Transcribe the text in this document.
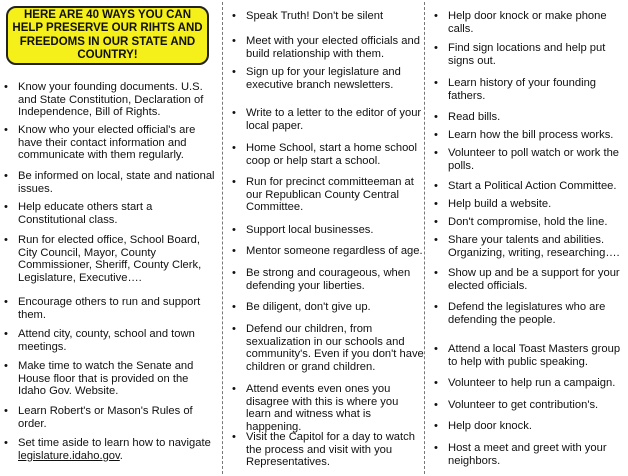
HERE ARE 40 WAYS YOU CAN HELP PRESERVE OUR RIHTS AND FREEDOMS IN OUR STATE AND COUNTRY!
• Know your founding documents. U.S. and State Constitution, Declaration of Independence, Bill of Rights.
• Know who your elected official's are have their contact information and communicate with them regularly.
• Be informed on local, state and national issues.
• Help educate others start a Constitutional class.
• Run for elected office, School Board, City Council, Mayor, County Commissioner, Sheriff, County Clerk, Legislature, Executive….
• Encourage others to run and support them.
• Attend city, county, school and town meetings.
• Make time to watch the Senate and House floor that is provided on the Idaho Gov. Website.
• Learn Robert's or Mason's Rules of order.
• Set time aside to learn how to navigate legislature.idaho.gov.
• Speak Truth! Don't be silent
• Meet with your elected officials and build relationship with them.
• Sign up for your legislature and executive branch newsletters.
• Write to a letter to the editor of your local paper.
• Home School, start a home school coop or help start a school.
• Run for precinct committeeman at our Republican County Central Committee.
• Support local businesses.
• Mentor someone regardless of age.
• Be strong and courageous, when defending your liberties.
• Be diligent, don't give up.
• Defend our children, from sexualization in our schools and community's. Even if you don't have children or grand children.
• Attend events even ones you disagree with this is where you learn and witness what is happening.
• Visit the Capitol for a day to watch the process and visit with you Representatives.
• Help door knock or make phone calls.
• Find sign locations and help put signs out.
• Learn history of your founding fathers.
• Read bills.
• Learn how the bill process works.
• Volunteer to poll watch or work the polls.
• Start a Political Action Committee.
• Help build a website.
• Don't compromise, hold the line.
• Share your talents and abilities. Organizing, writing, researching….
• Show up and be a support for your elected officials.
• Defend the legislatures who are defending the people.
• Attend a local Toast Masters group to help with public speaking.
• Volunteer to help run a campaign.
• Volunteer to get contribution's.
• Help door knock.
• Host a meet and greet with your neighbors.
